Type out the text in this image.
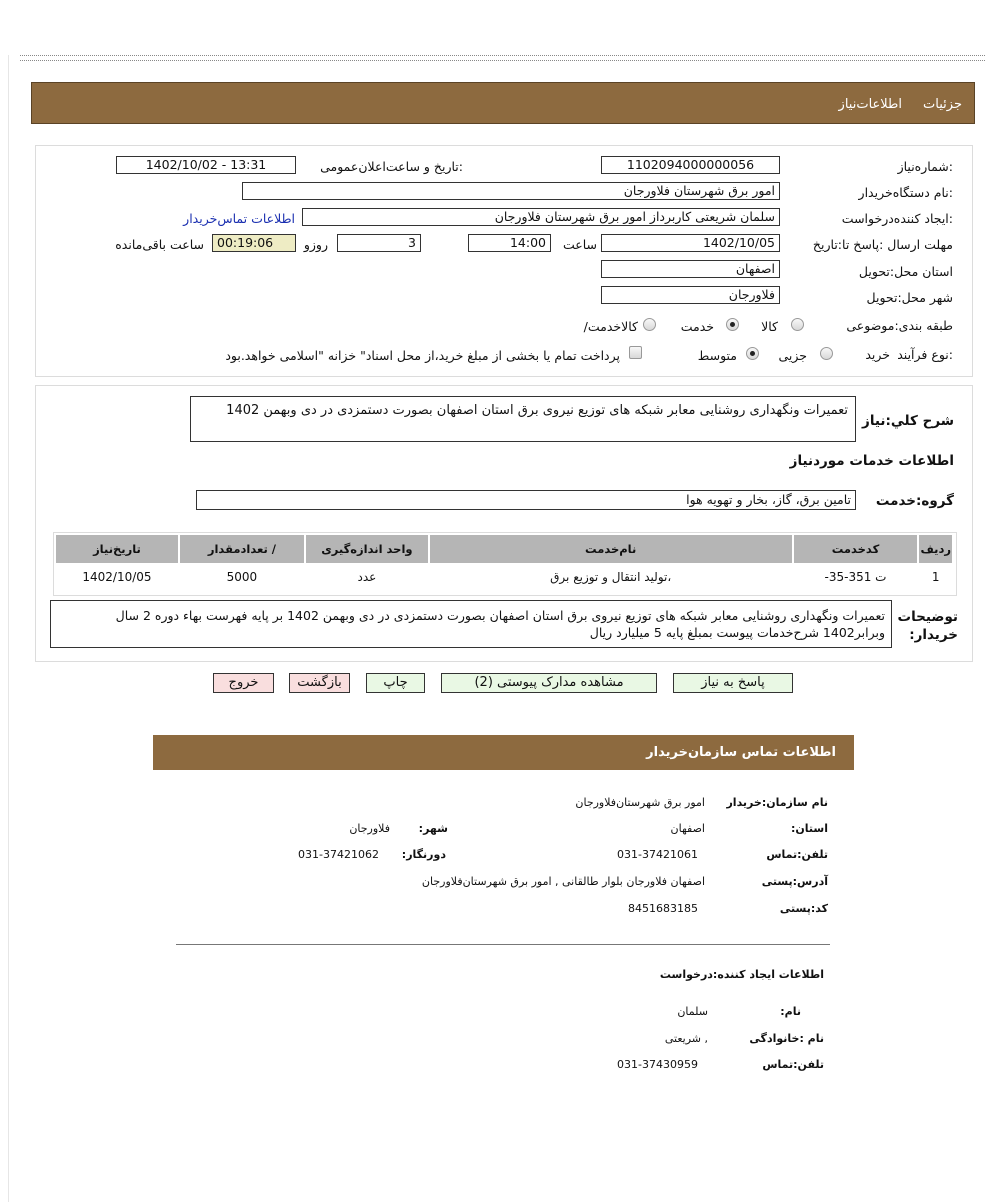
جزئیات
اطلاعات‌نیاز
شماره‌نیاز:
1102094000000056
تاریخ و ساعت‌اعلان‌عمومی:
1402/10/02 - 13:31
نام دستگاه‌خریدار:
امور برق شهرستان فلاورجان
ایجاد کننده‌درخواست:
سلمان شریعتی کاربرداز امور برق شهرستان فلاورجان
اطلاعات تماس‌خریدار
مهلت ارسال :پاسخ تا:تاریخ
1402/10/05
ساعت
14:00
3
روزو
00:19:06
ساعت باقی‌مانده
استان محل:تحویل
اصفهان
شهر محل:تحویل
فلاورجان
طبقه بندی:موضوعی
کالا
خدمت
/کالاخدمت
نوع فرآیند:
خرید
جزیی
متوسط
پرداخت تمام یا بخشی از مبلغ خرید،از محل اسناد" خزانه "اسلامی خواهد.بود
شرح کلي:نياز
تعمیرات ونگهداری روشنایی معابر شبکه های توزیع نیروی برق استان اصفهان بصورت دستمزدی در دی وبهمن 1402
اطلاعات خدمات موردنیاز
گروه:خدمت
تامین برق، گاز، بخار و تهویه هوا
ردیف	کدخدمت	نام‌خدمت	واحد اندازه‌گیری	/ تعدادمقدار	تاریخ‌نیاز
1	ت 351-35-	،تولید انتقال و توزیع برق	عدد	5000	1402/10/05
توضیحات
:خریدار
تعمیرات ونگهداری روشنایی معابر شبکه های توزیع نیروی برق استان اصفهان بصورت دستمزدی در دی وبهمن 1402 بر پایه فهرست بهاء دوره 2 سال وبرابر1402 شرح‌خدمات پیوست بمبلغ پایه 5 میلیارد ریال
پاسخ به نیاز
مشاهده مدارک پیوستی (2)
چاپ
بازگشت
خروج
اطلاعات تماس سازمان‌خریدار
نام سازمان:خریدار
امور برق شهرستان‌فلاورجان
:استان
اصفهان
:شهر
فلاورجان
تلفن:تماس
031-37421061
:دورنگار
031-37421062
آدرس:پستی
اصفهان فلاورجان بلوار طالقانی , امور برق شهرستان‌فلاورجان
کد:پستی
8451683185
اطلاعات ایجاد کننده:درخواست
:نام
سلمان
نام :خانوادگی
شریعتی ,
تلفن:تماس
031-37430959
